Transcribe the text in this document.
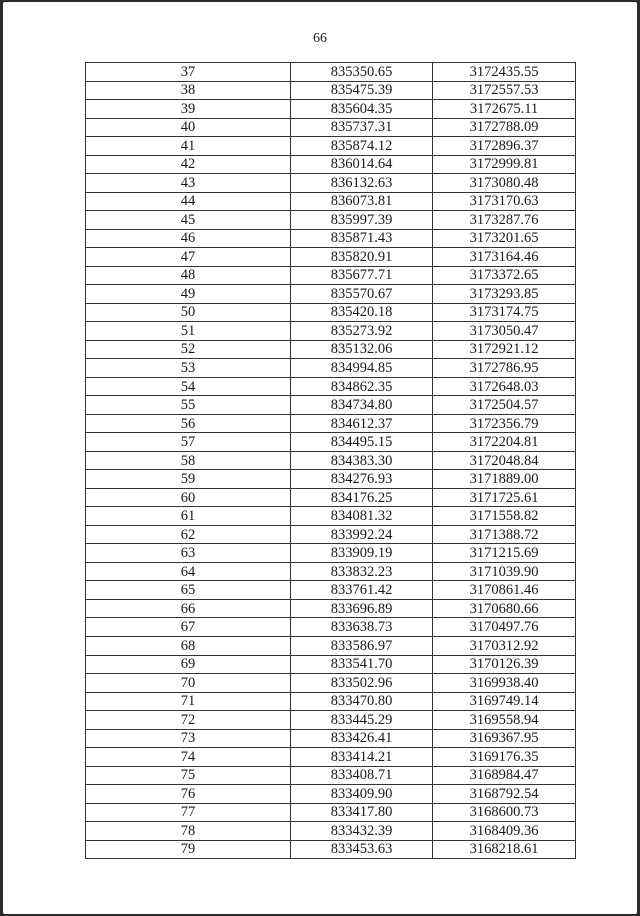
66
37	835350.65	3172435.55
38	835475.39	3172557.53
39	835604.35	3172675.11
40	835737.31	3172788.09
41	835874.12	3172896.37
42	836014.64	3172999.81
43	836132.63	3173080.48
44	836073.81	3173170.63
45	835997.39	3173287.76
46	835871.43	3173201.65
47	835820.91	3173164.46
48	835677.71	3173372.65
49	835570.67	3173293.85
50	835420.18	3173174.75
51	835273.92	3173050.47
52	835132.06	3172921.12
53	834994.85	3172786.95
54	834862.35	3172648.03
55	834734.80	3172504.57
56	834612.37	3172356.79
57	834495.15	3172204.81
58	834383.30	3172048.84
59	834276.93	3171889.00
60	834176.25	3171725.61
61	834081.32	3171558.82
62	833992.24	3171388.72
63	833909.19	3171215.69
64	833832.23	3171039.90
65	833761.42	3170861.46
66	833696.89	3170680.66
67	833638.73	3170497.76
68	833586.97	3170312.92
69	833541.70	3170126.39
70	833502.96	3169938.40
71	833470.80	3169749.14
72	833445.29	3169558.94
73	833426.41	3169367.95
74	833414.21	3169176.35
75	833408.71	3168984.47
76	833409.90	3168792.54
77	833417.80	3168600.73
78	833432.39	3168409.36
79	833453.63	3168218.61
